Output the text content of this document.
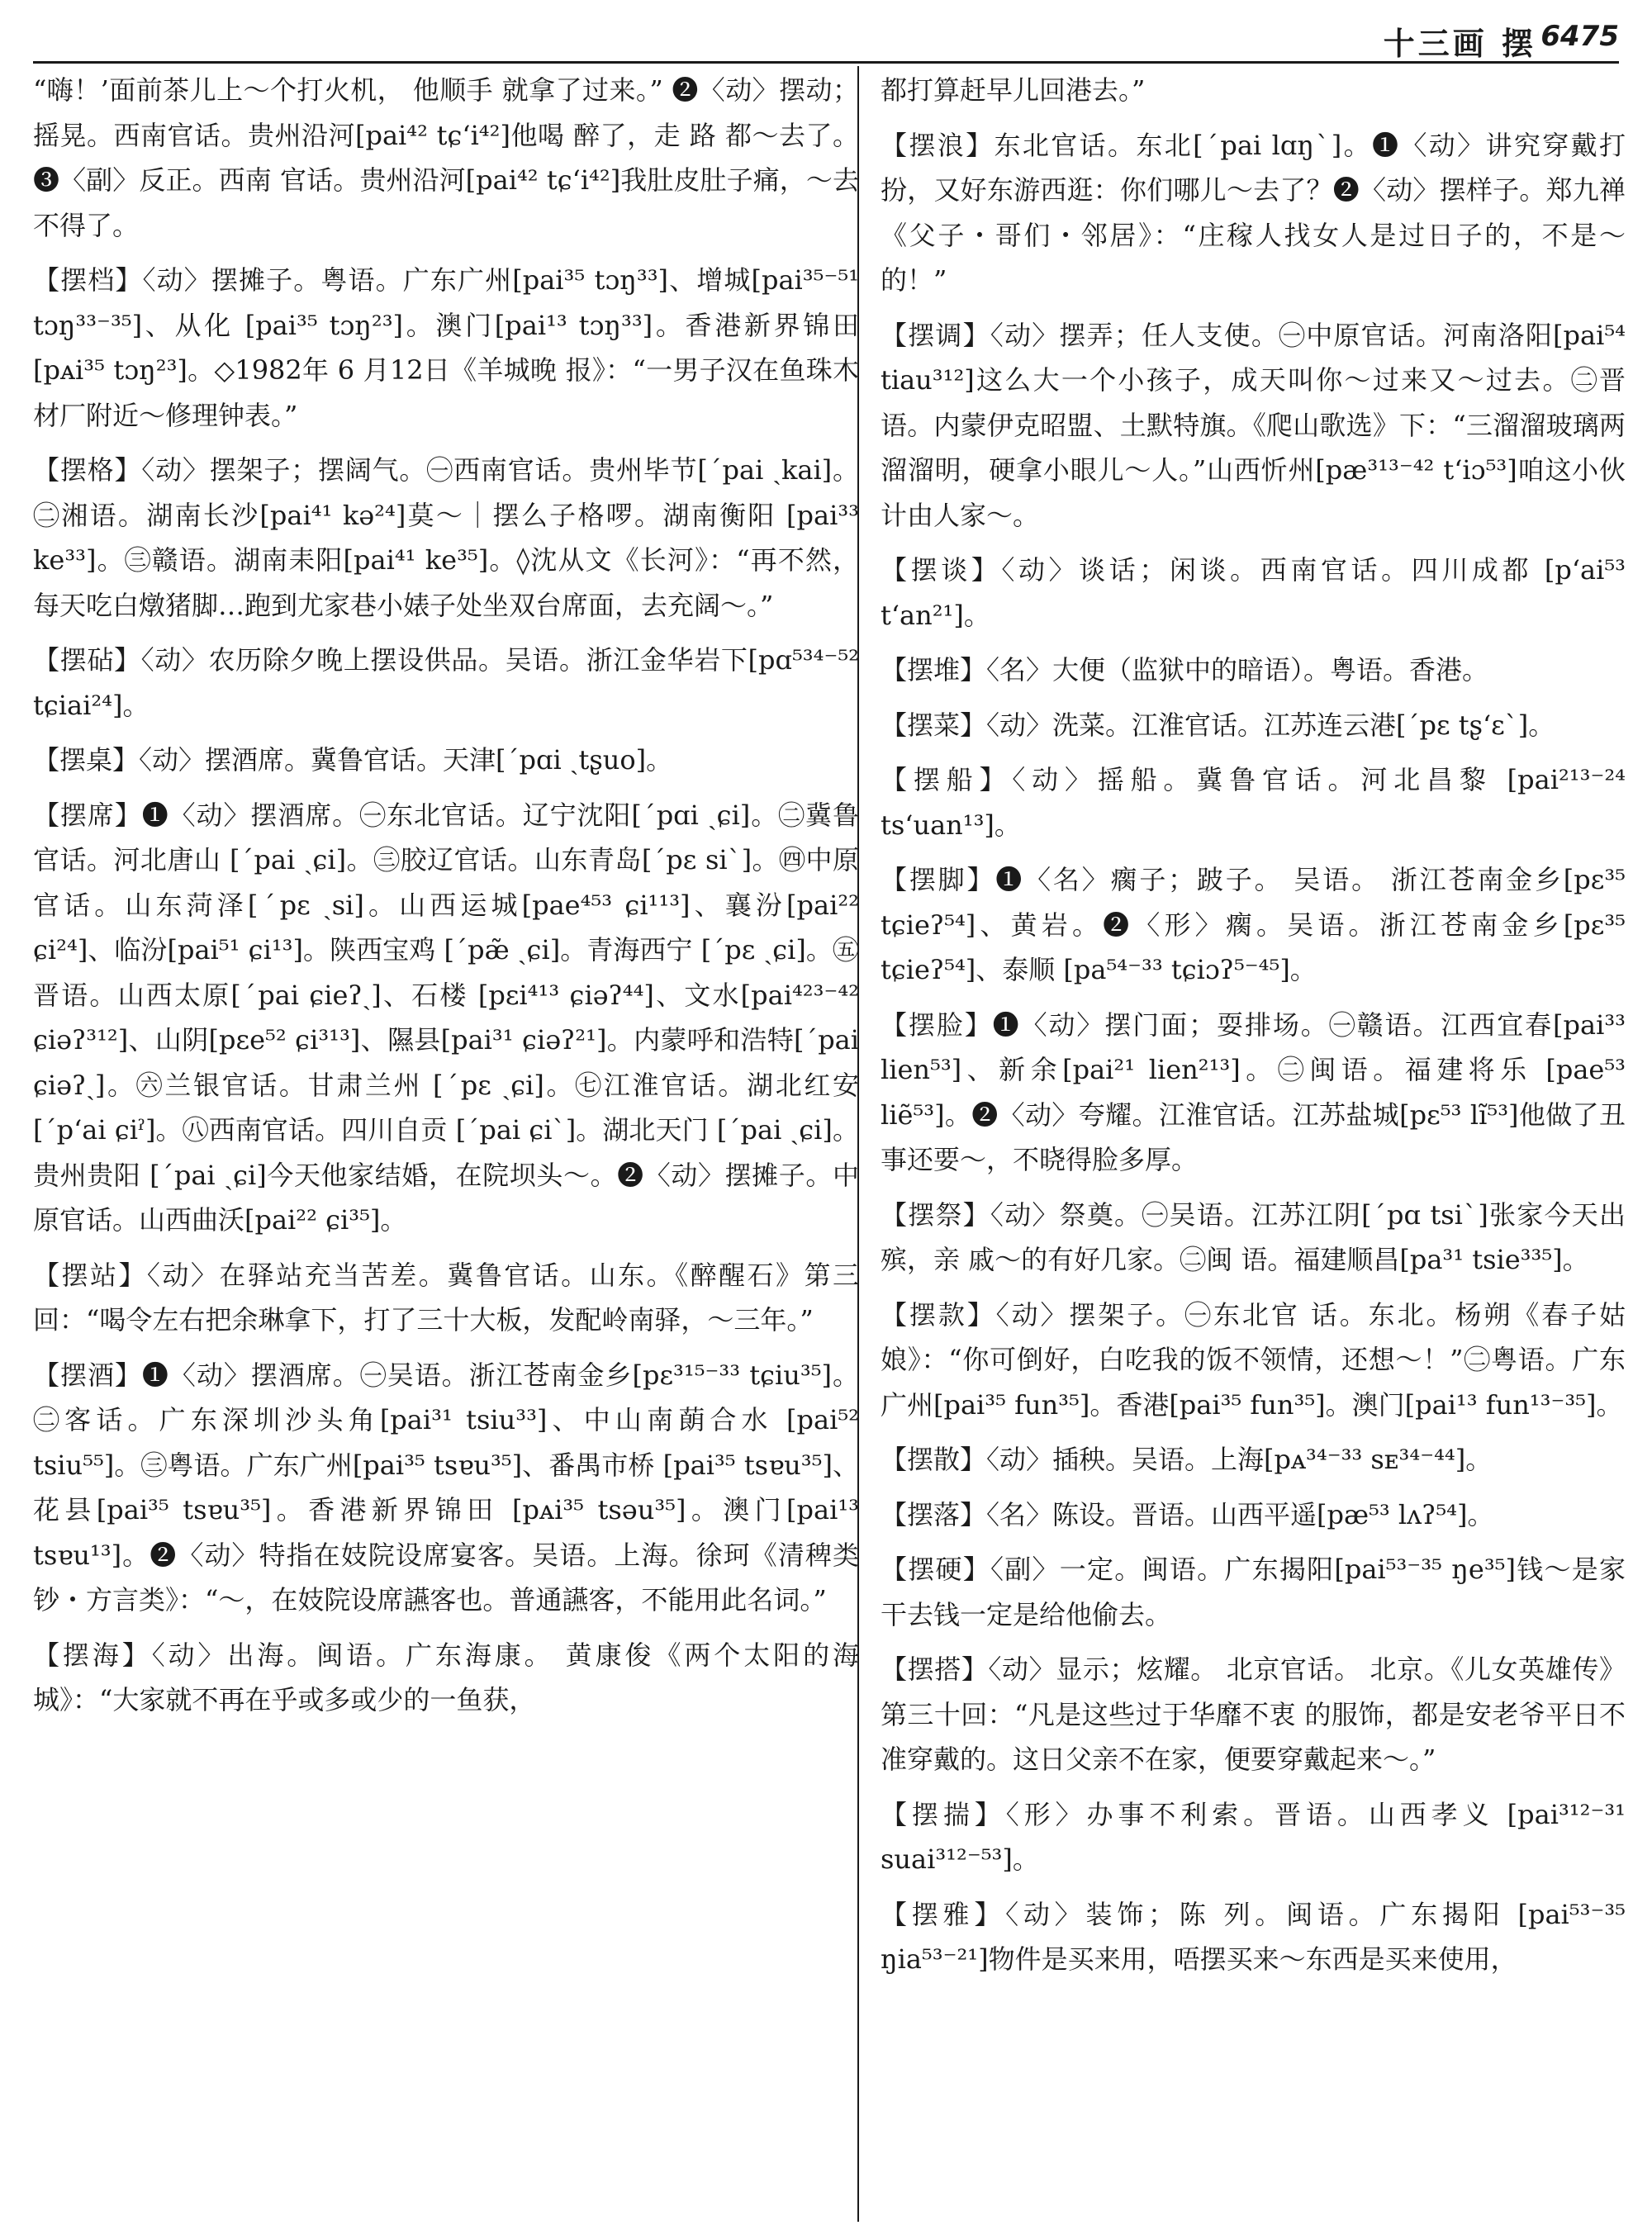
十三画 摆 6475

“嗨！’面前茶儿上～个打火机， 他顺手 就拿了过来。” ❷〈动〉摆动；摇晃。西南官话。贵州沿河[pai⁴² tɕʻi⁴²]他喝 醉了，走 路 都～去了。❸〈副〉反正。西南 官话。贵州沿河[pai⁴² tɕʻi⁴²]我肚皮肚子痛，～去不得了。

【摆档】〈动〉摆摊子。粤语。广东广州[pai³⁵ tɔŋ³³]、增城[pai³⁵⁻⁵¹ tɔŋ³³⁻³⁵]、从化 [pai³⁵ tɔŋ²³]。澳门[pai¹³ tɔŋ³³]。香港新界锦田[pᴀi³⁵ tɔŋ²³]。◇1982年 6 月12日《羊城晚 报》：“一男子汉在鱼珠木材厂附近～修理钟表。”

【摆格】〈动〉摆架子；摆阔气。㊀西南官话。贵州毕节[ˊpai ˏkai]。㊁湘语。湖南长沙[pai⁴¹ kə²⁴]莫～｜摆么子格啰。湖南衡阳 [pai³³ ke³³]。㊂赣语。湖南耒阳[pai⁴¹ ke³⁵]。◊沈从文《长河》：“再不然，每天吃白燉猪脚…跑到尤家巷小婊子处坐双台席面，去充阔～。”

【摆砧】〈动〉农历除夕晚上摆设供品。吴语。浙江金华岩下[pɑ⁵³⁴⁻⁵² tɕiai²⁴]。

【摆桌】〈动〉摆酒席。冀鲁官话。天津[ˊpɑi ˏtʂuo]。

【摆席】❶〈动〉摆酒席。㊀东北官话。辽宁沈阳[ˊpɑi ˏɕi]。㊁冀鲁官话。河北唐山 [ˊpai ˏɕi]。㊂胶辽官话。山东青岛[ˊpɛ siˋ]。㊃中原官话。山东菏泽[ˊpɛ ˏsi]。山西运城[pae⁴⁵³ ɕi¹¹³]、襄汾[pai²² ɕi²⁴]、临汾[pai⁵¹ ɕi¹³]。陕西宝鸡 [ˊpæ̃ ˏɕi]。青海西宁 [ˊpɛ ˏɕi]。㊄晋语。山西太原[ˊpai ɕieʔˏ]、石楼 [pɛi⁴¹³ ɕiəʔ⁴⁴]、文水[pai⁴²³⁻⁴² ɕiəʔ³¹²]、山阴[pɛe⁵² ɕi³¹³]、隰县[pai³¹ ɕiəʔ²¹]。内蒙呼和浩特[ˊpai ɕiəʔˏ]。㊅兰银官话。甘肃兰州 [ˊpɛ ˏɕi]。㊆江淮官话。湖北红安[ˊpʻai ɕiˀ]。㊇西南官话。四川自贡 [ˊpai ɕiˋ]。湖北天门 [ˊpai ˏɕi]。贵州贵阳 [ˊpai ˏɕi]今天他家结婚，在院坝头～。❷〈动〉摆摊子。中原官话。山西曲沃[pai²² ɕi³⁵]。

【摆站】〈动〉在驿站充当苦差。冀鲁官话。山东。《醉醒石》第三回：“喝令左右把余琳拿下，打了三十大板，发配岭南驿，～三年。”

【摆酒】❶〈动〉摆酒席。㊀吴语。浙江苍南金乡[pɛ³¹⁵⁻³³ tɕiu³⁵]。㊁客话。广东深圳沙头角[pai³¹ tsiu³³]、中山南蓢合水 [pai⁵² tsiu⁵⁵]。㊂粤语。广东广州[pai³⁵ tsɐu³⁵]、番禺市桥 [pai³⁵ tsɐu³⁵]、花县[pai³⁵ tsɐu³⁵]。香港新界锦田 [pᴀi³⁵ tsəu³⁵]。澳门[pai¹³ tsɐu¹³]。❷〈动〉特指在妓院设席宴客。吴语。上海。徐珂《清稗类钞・方言类》：“～，在妓院设席讌客也。普通讌客，不能用此名词。”

【摆海】〈动〉出海。闽语。广东海康。 黄康俊《两个太阳的海城》：“大家就不再在乎或多或少的一鱼获，

都打算赶早儿回港去。”

【摆浪】东北官话。东北[ˊpai lɑŋˋ]。❶〈动〉讲究穿戴打扮，又好东游西逛：你们哪儿～去了？❷〈动〉摆样子。郑九禅《父子・哥们・邻居》：“庄稼人找女人是过日子的，不是～的！”

【摆调】〈动〉摆弄；任人支使。㊀中原官话。河南洛阳[pai⁵⁴ tiau³¹²]这么大一个小孩子，成天叫你～过来又～过去。㊁晋语。内蒙伊克昭盟、土默特旗。《爬山歌选》下：“三溜溜玻璃两溜溜明，硬拿小眼儿～人。”山西忻州[pæ³¹³⁻⁴² tʻiɔ⁵³]咱这小伙计由人家～。

【摆谈】〈动〉谈话；闲谈。西南官话。四川成都 [pʻai⁵³ tʻan²¹]。

【摆堆】〈名〉大便（监狱中的暗语）。粤语。香港。

【摆菜】〈动〉洗菜。江淮官话。江苏连云港[ˊpɛ tʂʻɛˋ]。

【摆船】〈动〉摇船。冀鲁官话。河北昌黎 [pai²¹³⁻²⁴ tsʻuan¹³]。

【摆脚】❶〈名〉瘸子；跛子。 吴语。 浙江苍南金乡[pɛ³⁵ tɕieʔ⁵⁴]、黄岩。❷〈形〉瘸。吴语。浙江苍南金乡[pɛ³⁵ tɕieʔ⁵⁴]、泰顺 [pa⁵⁴⁻³³ tɕiɔʔ⁵⁻⁴⁵]。

【摆脸】❶〈动〉摆门面；耍排场。㊀赣语。江西宜春[pai³³ lien⁵³]、新余[pai²¹ lien²¹³]。㊁闽语。福建将乐 [pae⁵³ liẽ⁵³]。❷〈动〉夸耀。江淮官话。江苏盐城[pɛ⁵³ lĩ⁵³]他做了丑事还要～，不晓得脸多厚。

【摆祭】〈动〉祭奠。㊀吴语。江苏江阴[ˊpɑ tsiˋ]张家今天出殡，亲 戚～的有好几家。㊁闽 语。福建顺昌[pa³¹ tsie³³⁵]。

【摆款】〈动〉摆架子。㊀东北官 话。东北。杨朔《春子姑娘》：“你可倒好，白吃我的饭不领情，还想～！”㊁粤语。广东广州[pai³⁵ fun³⁵]。香港[pai³⁵ fun³⁵]。澳门[pai¹³ fun¹³⁻³⁵]。

【摆散】〈动〉插秧。吴语。上海[pᴀ³⁴⁻³³ sᴇ³⁴⁻⁴⁴]。

【摆落】〈名〉陈设。晋语。山西平遥[pæ⁵³ lʌʔ⁵⁴]。

【摆硬】〈副〉一定。闽语。广东揭阳[pai⁵³⁻³⁵ ŋe³⁵]钱～是家干去钱一定是给他偷去。

【摆搭】〈动〉显示；炫耀。 北京官话。 北京。《儿女英雄传》第三十回：“凡是这些过于华靡不衷 的服饰，都是安老爷平日不准穿戴的。这日父亲不在家，便要穿戴起来～。”

【摆揣】〈形〉办事不利索。晋语。山西孝义 [pai³¹²⁻³¹ suai³¹²⁻⁵³]。

【摆雅】〈动〉装饰；陈 列。闽语。广东揭阳 [pai⁵³⁻³⁵ ŋia⁵³⁻²¹]物件是买来用，唔摆买来～东西是买来使用，
